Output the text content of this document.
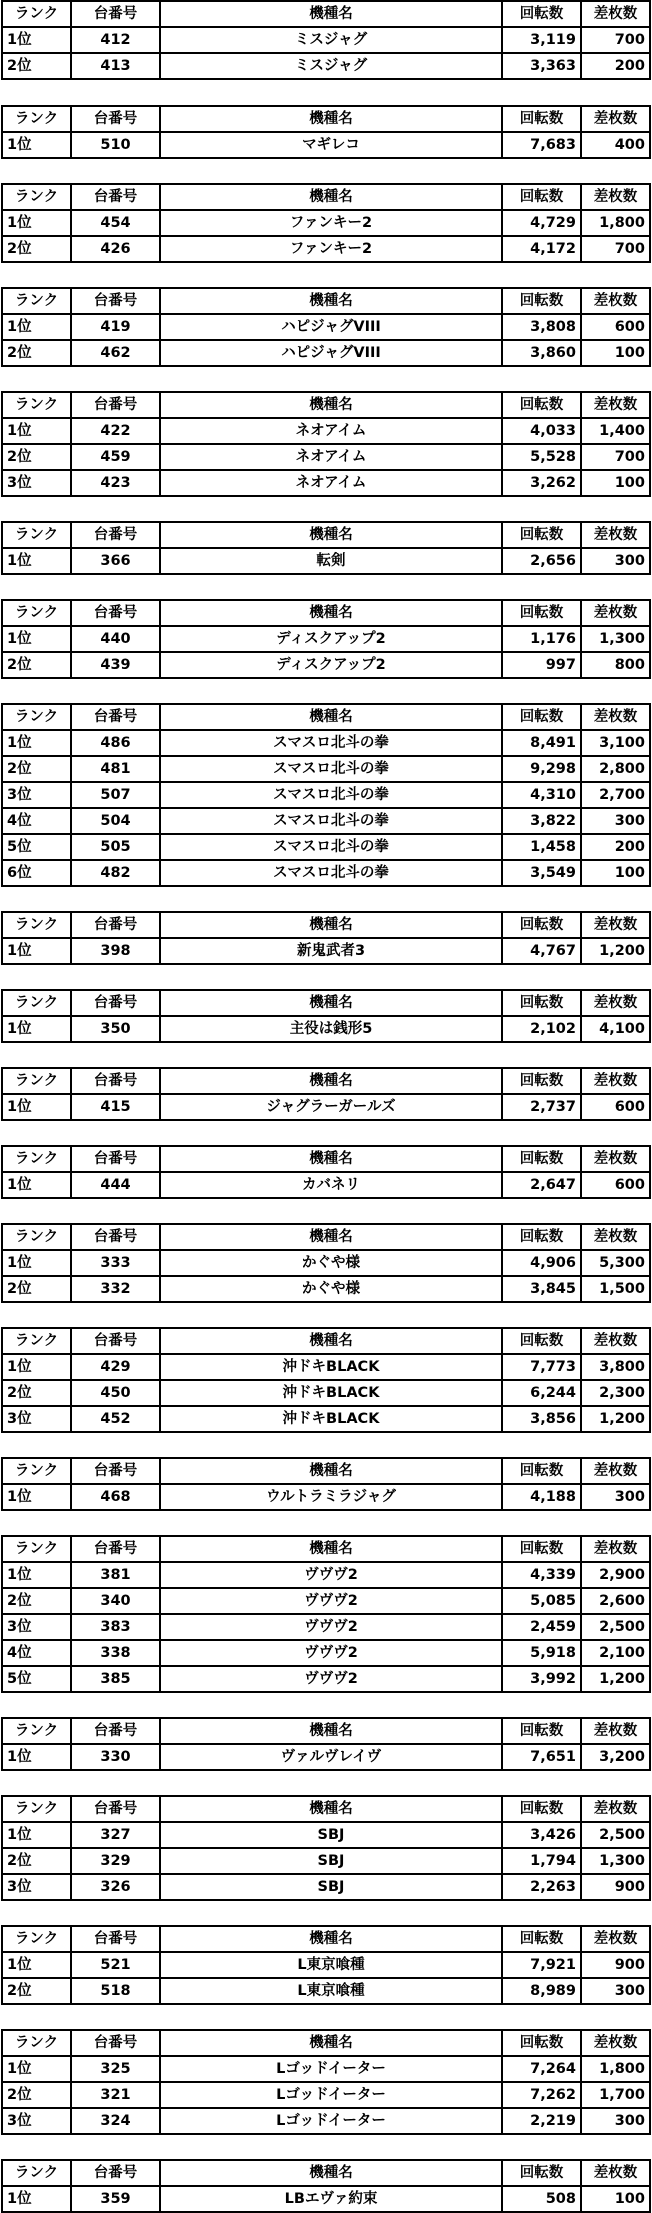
ランク	台番号	機種名	回転数	差枚数
1位	412	ミスジャグ	3,119	700
2位	413	ミスジャグ	3,363	200
ランク	台番号	機種名	回転数	差枚数
1位	510	マギレコ	7,683	400
ランク	台番号	機種名	回転数	差枚数
1位	454	ファンキー2	4,729	1,800
2位	426	ファンキー2	4,172	700
ランク	台番号	機種名	回転数	差枚数
1位	419	ハピジャグVIII	3,808	600
2位	462	ハピジャグVIII	3,860	100
ランク	台番号	機種名	回転数	差枚数
1位	422	ネオアイム	4,033	1,400
2位	459	ネオアイム	5,528	700
3位	423	ネオアイム	3,262	100
ランク	台番号	機種名	回転数	差枚数
1位	366	転剣	2,656	300
ランク	台番号	機種名	回転数	差枚数
1位	440	ディスクアップ2	1,176	1,300
2位	439	ディスクアップ2	997	800
ランク	台番号	機種名	回転数	差枚数
1位	486	スマスロ北斗の拳	8,491	3,100
2位	481	スマスロ北斗の拳	9,298	2,800
3位	507	スマスロ北斗の拳	4,310	2,700
4位	504	スマスロ北斗の拳	3,822	300
5位	505	スマスロ北斗の拳	1,458	200
6位	482	スマスロ北斗の拳	3,549	100
ランク	台番号	機種名	回転数	差枚数
1位	398	新鬼武者3	4,767	1,200
ランク	台番号	機種名	回転数	差枚数
1位	350	主役は銭形5	2,102	4,100
ランク	台番号	機種名	回転数	差枚数
1位	415	ジャグラーガールズ	2,737	600
ランク	台番号	機種名	回転数	差枚数
1位	444	カバネリ	2,647	600
ランク	台番号	機種名	回転数	差枚数
1位	333	かぐや様	4,906	5,300
2位	332	かぐや様	3,845	1,500
ランク	台番号	機種名	回転数	差枚数
1位	429	沖ドキBLACK	7,773	3,800
2位	450	沖ドキBLACK	6,244	2,300
3位	452	沖ドキBLACK	3,856	1,200
ランク	台番号	機種名	回転数	差枚数
1位	468	ウルトラミラジャグ	4,188	300
ランク	台番号	機種名	回転数	差枚数
1位	381	ヴヴヴ2	4,339	2,900
2位	340	ヴヴヴ2	5,085	2,600
3位	383	ヴヴヴ2	2,459	2,500
4位	338	ヴヴヴ2	5,918	2,100
5位	385	ヴヴヴ2	3,992	1,200
ランク	台番号	機種名	回転数	差枚数
1位	330	ヴァルヴレイヴ	7,651	3,200
ランク	台番号	機種名	回転数	差枚数
1位	327	SBJ	3,426	2,500
2位	329	SBJ	1,794	1,300
3位	326	SBJ	2,263	900
ランク	台番号	機種名	回転数	差枚数
1位	521	L東京喰種	7,921	900
2位	518	L東京喰種	8,989	300
ランク	台番号	機種名	回転数	差枚数
1位	325	Lゴッドイーター	7,264	1,800
2位	321	Lゴッドイーター	7,262	1,700
3位	324	Lゴッドイーター	2,219	300
ランク	台番号	機種名	回転数	差枚数
1位	359	LBエヴァ約束	508	100
